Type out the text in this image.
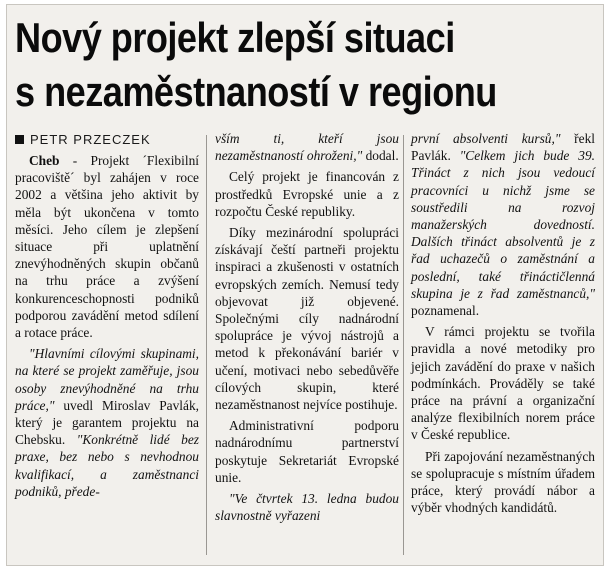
Nový projekt zlepší situaci
s nezaměstnaností v regionu
PETR PRZECZEK

Cheb - Projekt ´Flexibilní pracoviště´ byl zahájen v roce 2002 a většina jeho aktivit by měla být ukončena v tomto měsíci. Jeho cílem je zlepšení situace při uplatnění znevýhodněných skupin občanů na trhu práce a zvýšení konkurenceschopnosti podniků podporou zavádění metod sdílení a rotace práce.

"Hlavními cílovými skupinami, na které se projekt zaměřuje, jsou osoby znevýhodněné na trhu práce," uvedl Miroslav Pavlák, který je garantem projektu na Chebsku. "Konkrétně lidé bez praxe, bez nebo s nevhodnou kvalifikací, a zaměstnanci podniků, přede-

vším ti, kteří jsou nezaměstnaností ohroženi," dodal.

Celý projekt je financován z prostředků Evropské unie a z rozpočtu České republiky.

Díky mezinárodní spolupráci získávají čeští partneři projektu inspiraci a zkušenosti v ostatních evropských zemích. Nemusí tedy objevovat již objevené. Společnými cíly nadnárodní spolupráce je vývoj nástrojů a metod k překonávání bariér v učení, motivaci nebo sebedůvěře cílových skupin, které nezaměstnanost nejvíce postihuje.

Administrativní podporu nadnárodnímu partnerství poskytuje Sekretariát Evropské unie.

"Ve čtvrtek 13. ledna budou slavnostně vyřazeni

první absolventi kursů," řekl Pavlák. "Celkem jich bude 39. Třináct z nich jsou vedoucí pracovníci u nichž jsme se soustředili na rozvoj manažerských dovedností. Dalších třináct absolventů je z řad uchazečů o zaměstnání a poslední, také třináctičlenná skupina je z řad zaměstnanců," poznamenal.

V rámci projektu se tvořila pravidla a nové metodiky pro jejich zavádění do praxe v našich podmínkách. Prováděly se také práce na právní a organizační analýze flexibilních norem práce v České republice.

Při zapojování nezaměstnaných se spolupracuje s místním úřadem práce, který provádí nábor a výběr vhodných kandidátů.
